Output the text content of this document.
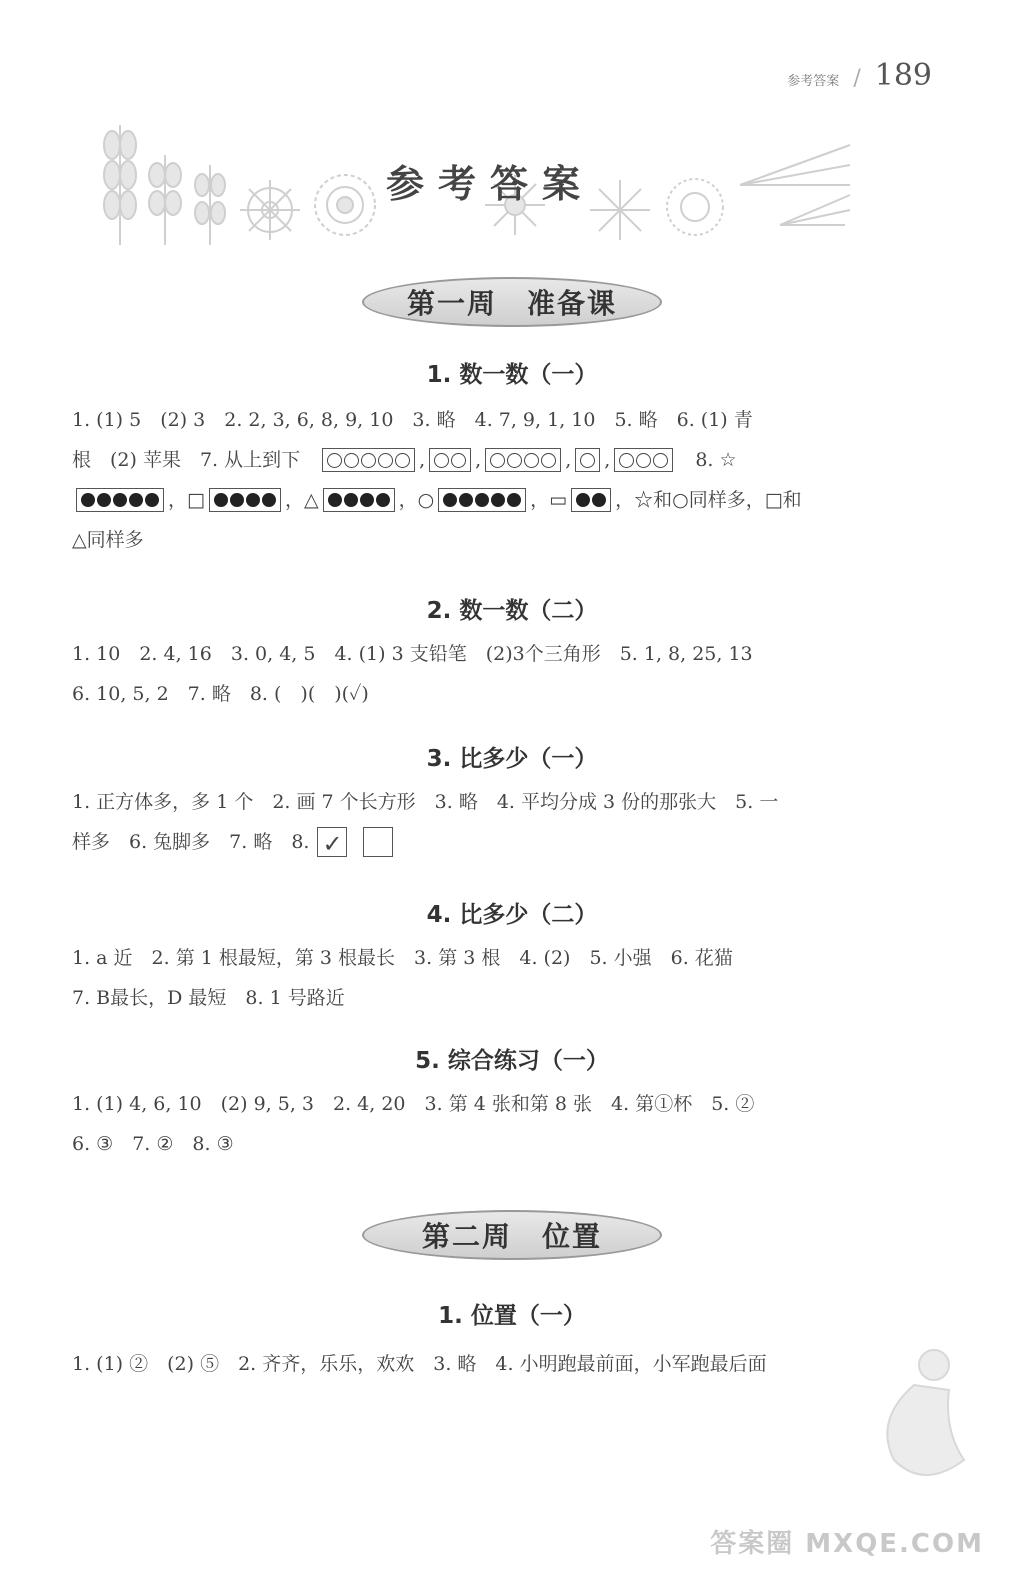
参考答案 / 189
参考答案
第一周　准备课
1. 数一数（一）
1. (1) 5　(2) 3　2. 2, 3, 6, 8, 9, 10　3. 略　4. 7, 9, 1, 10　5. 略　6. (1) 青
根　(2) 苹果　7. 从上到下	,	,	,
,	8. ☆
，□	，△	，○	，▭	，☆和○同样多，□和
△同样多
2. 数一数（二）
1. 10　2. 4, 16　3. 0, 4, 5　4. (1) 3 支铅笔　(2)3个三角形　5. 1, 8, 25, 13
6. 10, 5, 2　7. 略　8. (　)(　)(✓)
3. 比多少（一）
1. 正方体多，多 1 个　2. 画 7 个长方形　3. 略　4. 平均分成 3 份的那张大　5. 一
样多　6. 兔脚多　7. 略　8. ✓
4. 比多少（二）
1. a 近　2. 第 1 根最短，第 3 根最长　3. 第 3 根　4. (2)　5. 小强　6. 花猫
7. B最长，D 最短　8. 1 号路近
5. 综合练习（一）
1. (1) 4, 6, 10　(2) 9, 5, 3　2. 4, 20　3. 第 4 张和第 8 张　4. 第①杯　5. ②
6. ③　7. ②　8. ③
第二周　位置
1. 位置（一）
1. (1) ②　(2) ⑤　2. 齐齐，乐乐，欢欢　3. 略　4. 小明跑最前面，小军跑最后面
答案圈 MXQE.COM
